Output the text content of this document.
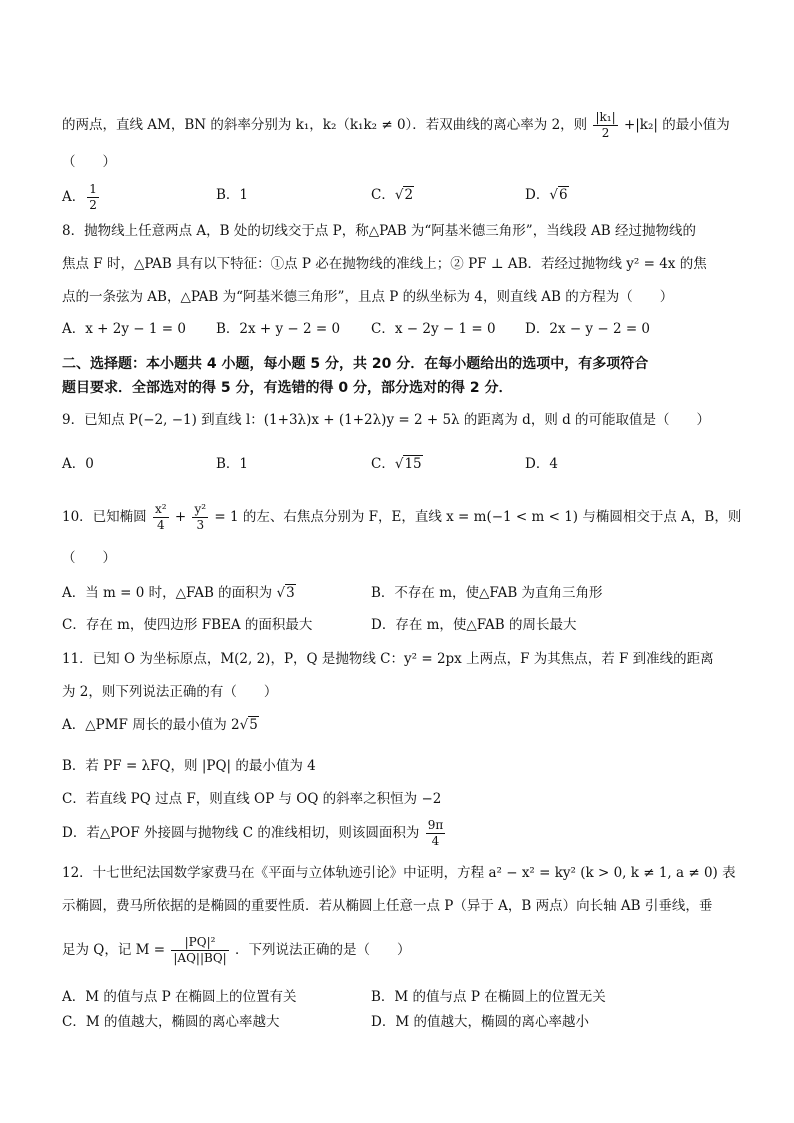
的两点，直线 AM，BN 的斜率分别为 k₁，k₂（k₁k₂ ≠ 0）．若双曲线的离心率为 2，则 $\frac{\text{|k₁|}}{2} +|k_2|$ 的最小值为
（　　）
A． $\frac{1}{2}$	B．1	C．√2	D．√6
8．抛物线上任意两点 A，B 处的切线交于点 P，称△PAB 为“阿基米德三角形”，当线段 AB 经过抛物线的
焦点 F 时，△PAB 具有以下特征：①点 P 必在抛物线的准线上；② PF ⊥ AB．若经过抛物线 y² = 4x 的焦
点的一条弦为 AB，△PAB 为“阿基米德三角形”，且点 P 的纵坐标为 4，则直线 AB 的方程为（　　）
A．x + 2y − 1 = 0 B．2x + y − 2 = 0 C．x − 2y − 1 = 0 D．2x − y − 2 = 0
二、选择题：本小题共 4 小题，每小题 5 分，共 20 分．在每小题给出的选项中，有多项符合
题目要求．全部选对的得 5 分，有选错的得 0 分，部分选对的得 2 分．
9．已知点 P(−2, −1) 到直线 l：(1+3λ)x + (1+2λ)y = 2 + 5λ 的距离为 d，则 d 的可能取值是（　　）
A．0	B．1	C．√15	D．4
10．已知椭圆 $\frac{\text{x²}}{4} + \frac{\text{y²}}{3} = 1$ 的左、右焦点分别为 F，E，直线 x = m(−1 < m < 1) 与椭圆相交于点 A，B，则
（　　）
A．当 m = 0 时，△FAB 的面积为 √3	B．不存在 m，使△FAB 为直角三角形
C．存在 m，使四边形 FBEA 的面积最大	D．存在 m，使△FAB 的周长最大
11．已知 O 为坐标原点，M(2, 2)，P，Q 是抛物线 C：y² = 2px 上两点，F 为其焦点，若 F 到准线的距离
为 2，则下列说法正确的有（　　）
A．△PMF 周长的最小值为 2√5
B．若 PF = λFQ，则 |PQ| 的最小值为 4
C．若直线 PQ 过点 F，则直线 OP 与 OQ 的斜率之积恒为 −2
D．若△POF 外接圆与抛物线 C 的准线相切，则该圆面积为 $\frac{9\pi}{4}$
12．十七世纪法国数学家费马在《平面与立体轨迹引论》中证明，方程 a² − x² = ky² (k > 0, k ≠ 1, a ≠ 0) 表
示椭圆，费马所依据的是椭圆的重要性质．若从椭圆上任意一点 P（异于 A，B 两点）向长轴 AB 引垂线，垂
足为 Q，记 $M = \frac{\text{|PQ|²}}{|AQ||BQ|}$ ．下列说法正确的是（　　）
A．M 的值与点 P 在椭圆上的位置有关	B．M 的值与点 P 在椭圆上的位置无关
C．M 的值越大，椭圆的离心率越大	D．M 的值越大，椭圆的离心率越小
